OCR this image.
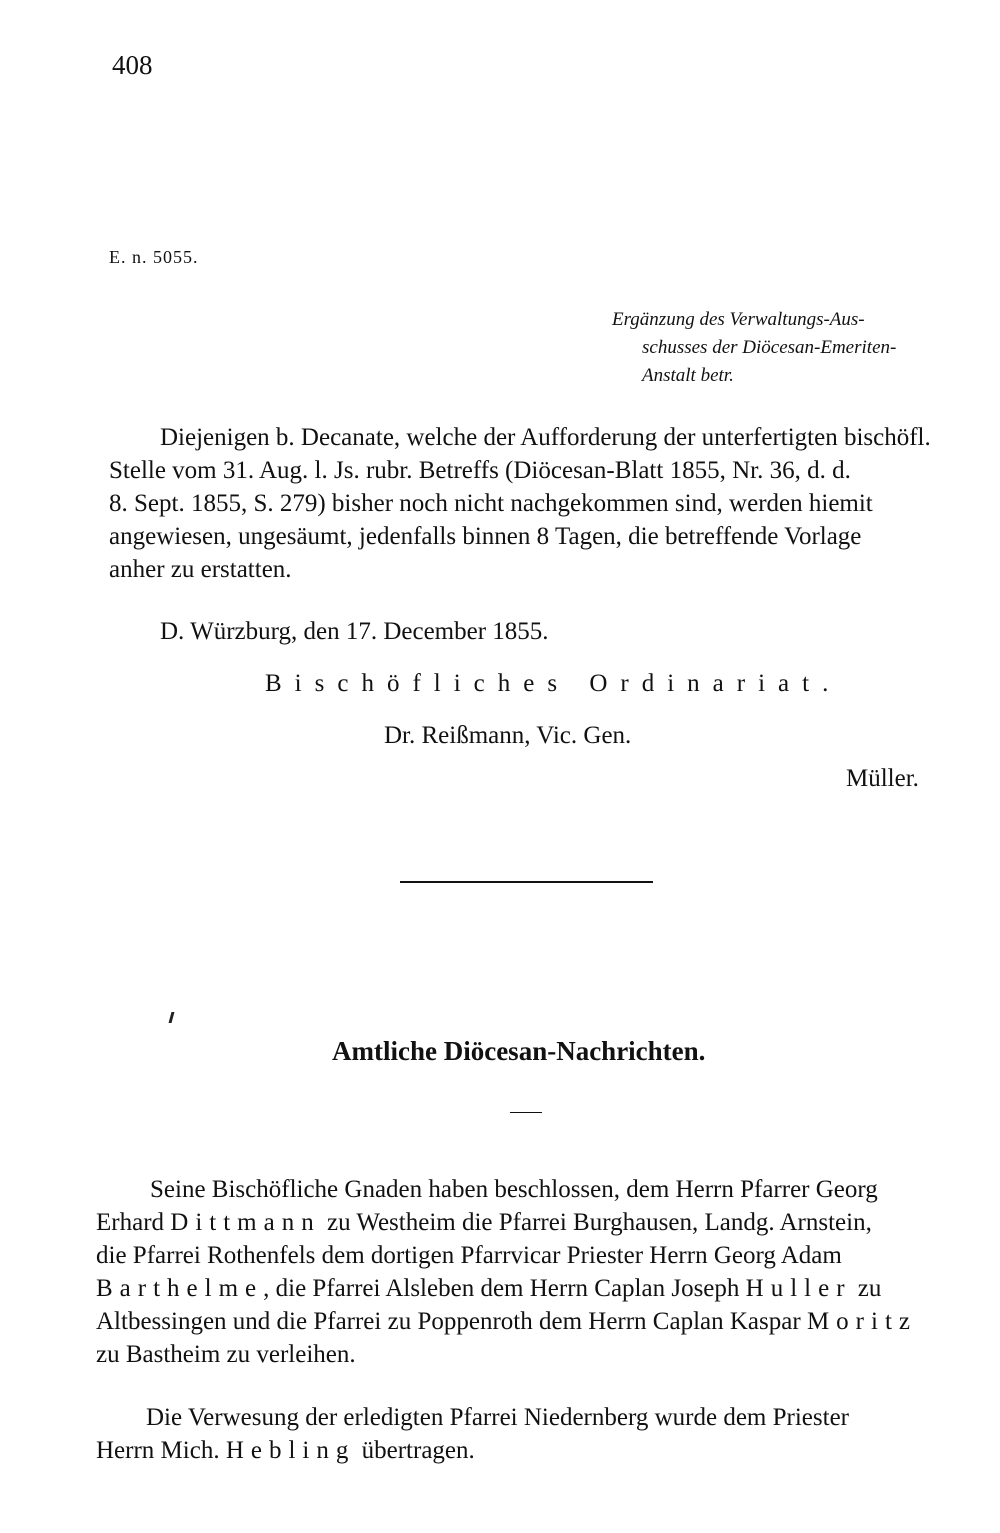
408
E. n. 5055.
Ergänzung des Verwaltungs-Aus-
schusses der Diöcesan-Emeriten-
Anstalt betr.
Diejenigen b. Decanate, welche der Aufforderung der unterfertigten bischöfl.
Stelle vom 31. Aug. l. Js. rubr. Betreffs (Diöcesan-Blatt 1855, Nr. 36, d. d.
8. Sept. 1855, S. 279) bisher noch nicht nachgekommen sind, werden hiemit
angewiesen, ungesäumt, jedenfalls binnen 8 Tagen, die betreffende Vorlage
anher zu erstatten.
D. Würzburg, den 17. December 1855.
Bischöfliches Ordinariat.
Dr. Reißmann, Vic. Gen.
Müller.
Amtliche Diöcesan-Nachrichten.
Seine Bischöfliche Gnaden haben beschlossen, dem Herrn Pfarrer Georg
Erhard Dittmann zu Westheim die Pfarrei Burghausen, Landg. Arnstein,
die Pfarrei Rothenfels dem dortigen Pfarrvicar Priester Herrn Georg Adam
Barthelme, die Pfarrei Alsleben dem Herrn Caplan Joseph Huller zu
Altbessingen und die Pfarrei zu Poppenroth dem Herrn Caplan Kaspar Moritz
zu Bastheim zu verleihen.
Die Verwesung der erledigten Pfarrei Niedernberg wurde dem Priester
Herrn Mich. Hebling übertragen.
